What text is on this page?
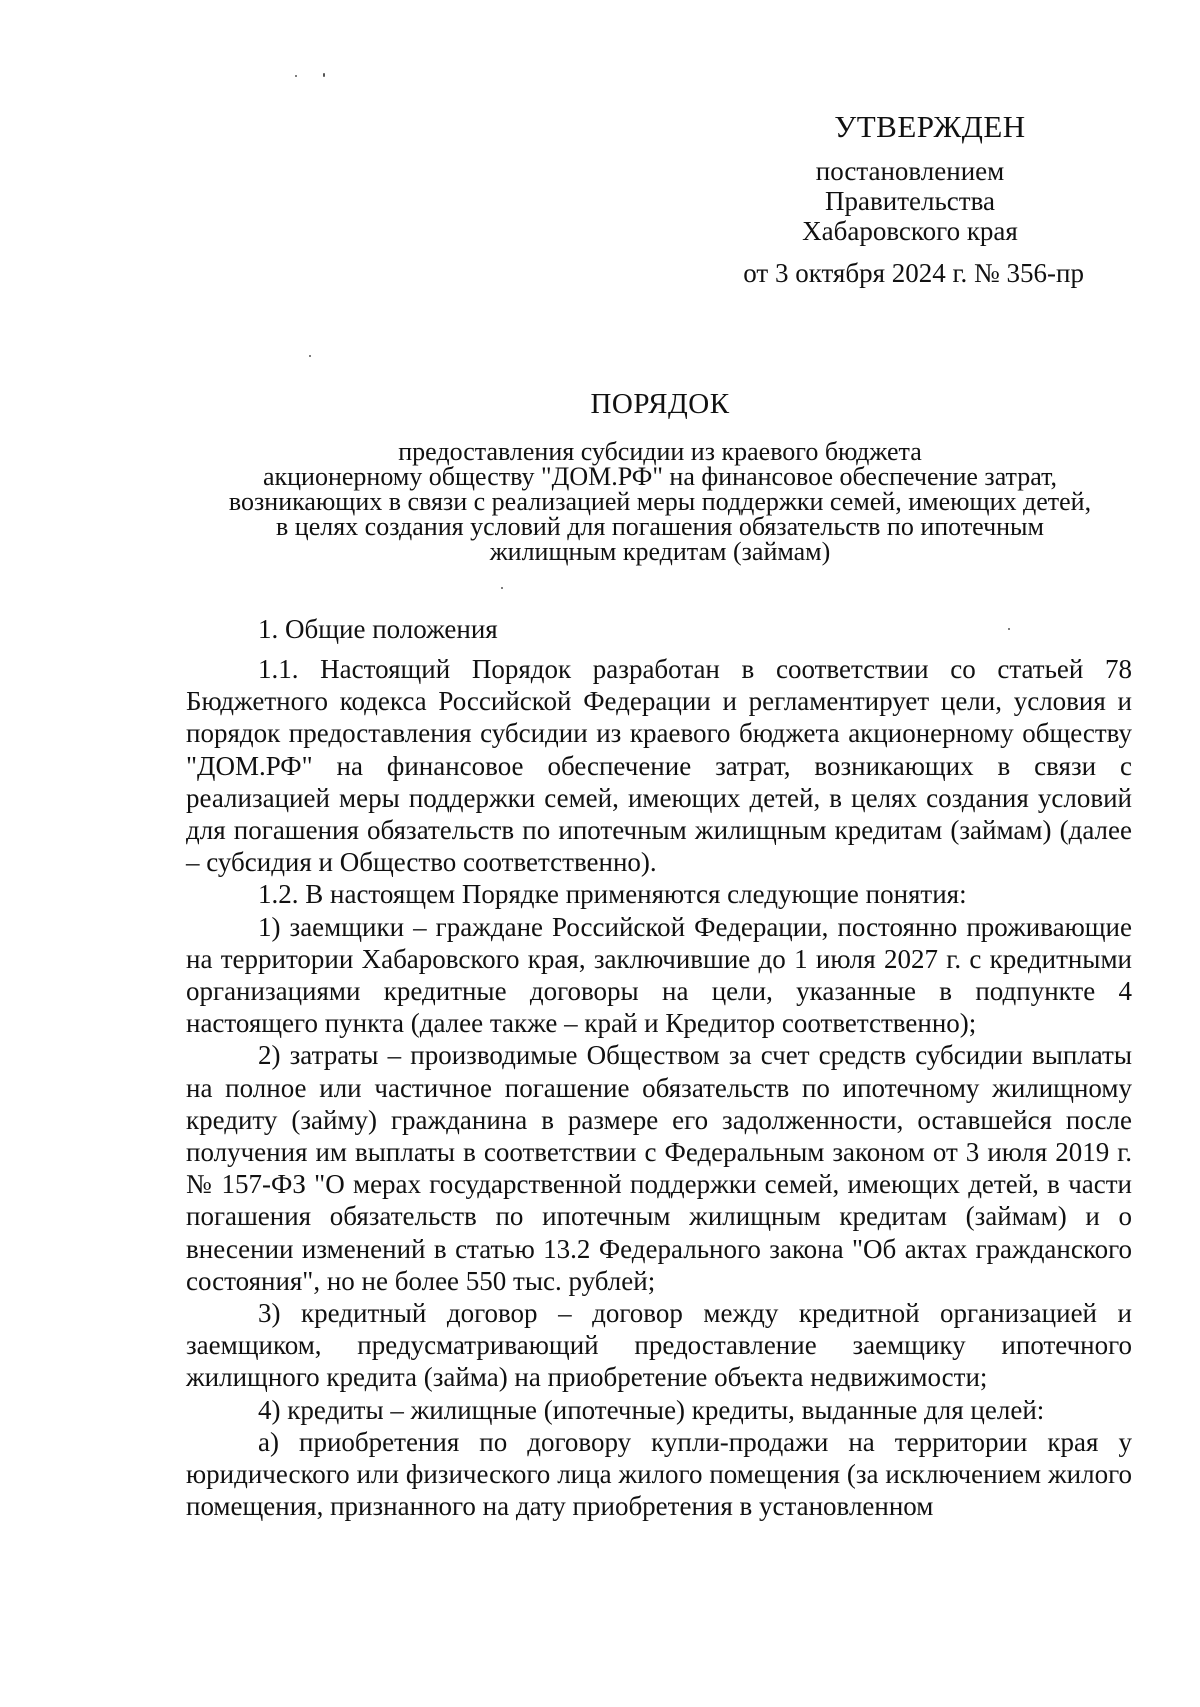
УТВЕРЖДЕН
постановлением
Правительства
Хабаровского края
от 3 октября 2024 г. № 356-пр
ПОРЯДОК
предоставления субсидии из краевого бюджета
акционерному обществу "ДОМ.РФ" на финансовое обеспечение затрат,
возникающих в связи с реализацией меры поддержки семей, имеющих детей,
в целях создания условий для погашения обязательств по ипотечным
жилищным кредитам (займам)
1. Общие положения

1.1. Настоящий Порядок разработан в соответствии со статьей 78 Бюджетного кодекса Российской Федерации и регламентирует цели, условия и порядок предоставления субсидии из краевого бюджета акционерному обществу "ДОМ.РФ" на финансовое обеспечение затрат, возникающих в связи с реализацией меры поддержки семей, имеющих детей, в целях создания условий для погашения обязательств по ипотечным жилищным кредитам (займам) (далее – субсидия и Общество соответственно).

1.2. В настоящем Порядке применяются следующие понятия:

1) заемщики – граждане Российской Федерации, постоянно проживающие на территории Хабаровского края, заключившие до 1 июля 2027 г. с кредитными организациями кредитные договоры на цели, указанные в подпункте 4 настоящего пункта (далее также – край и Кредитор соответственно);

2) затраты – производимые Обществом за счет средств субсидии выплаты на полное или частичное погашение обязательств по ипотечному жилищному кредиту (займу) гражданина в размере его задолженности, оставшейся после получения им выплаты в соответствии с Федеральным законом от 3 июля 2019 г. № 157-ФЗ "О мерах государственной поддержки семей, имеющих детей, в части погашения обязательств по ипотечным жилищным кредитам (займам) и о внесении изменений в статью 13.2 Федерального закона "Об актах гражданского состояния", но не более 550 тыс. рублей;

3) кредитный договор – договор между кредитной организацией и заемщиком, предусматривающий предоставление заемщику ипотечного жилищного кредита (займа) на приобретение объекта недвижимости;

4) кредиты – жилищные (ипотечные) кредиты, выданные для целей:

а) приобретения по договору купли-продажи на территории края у юридического или физического лица жилого помещения (за исключением жилого помещения, признанного на дату приобретения в установленном
